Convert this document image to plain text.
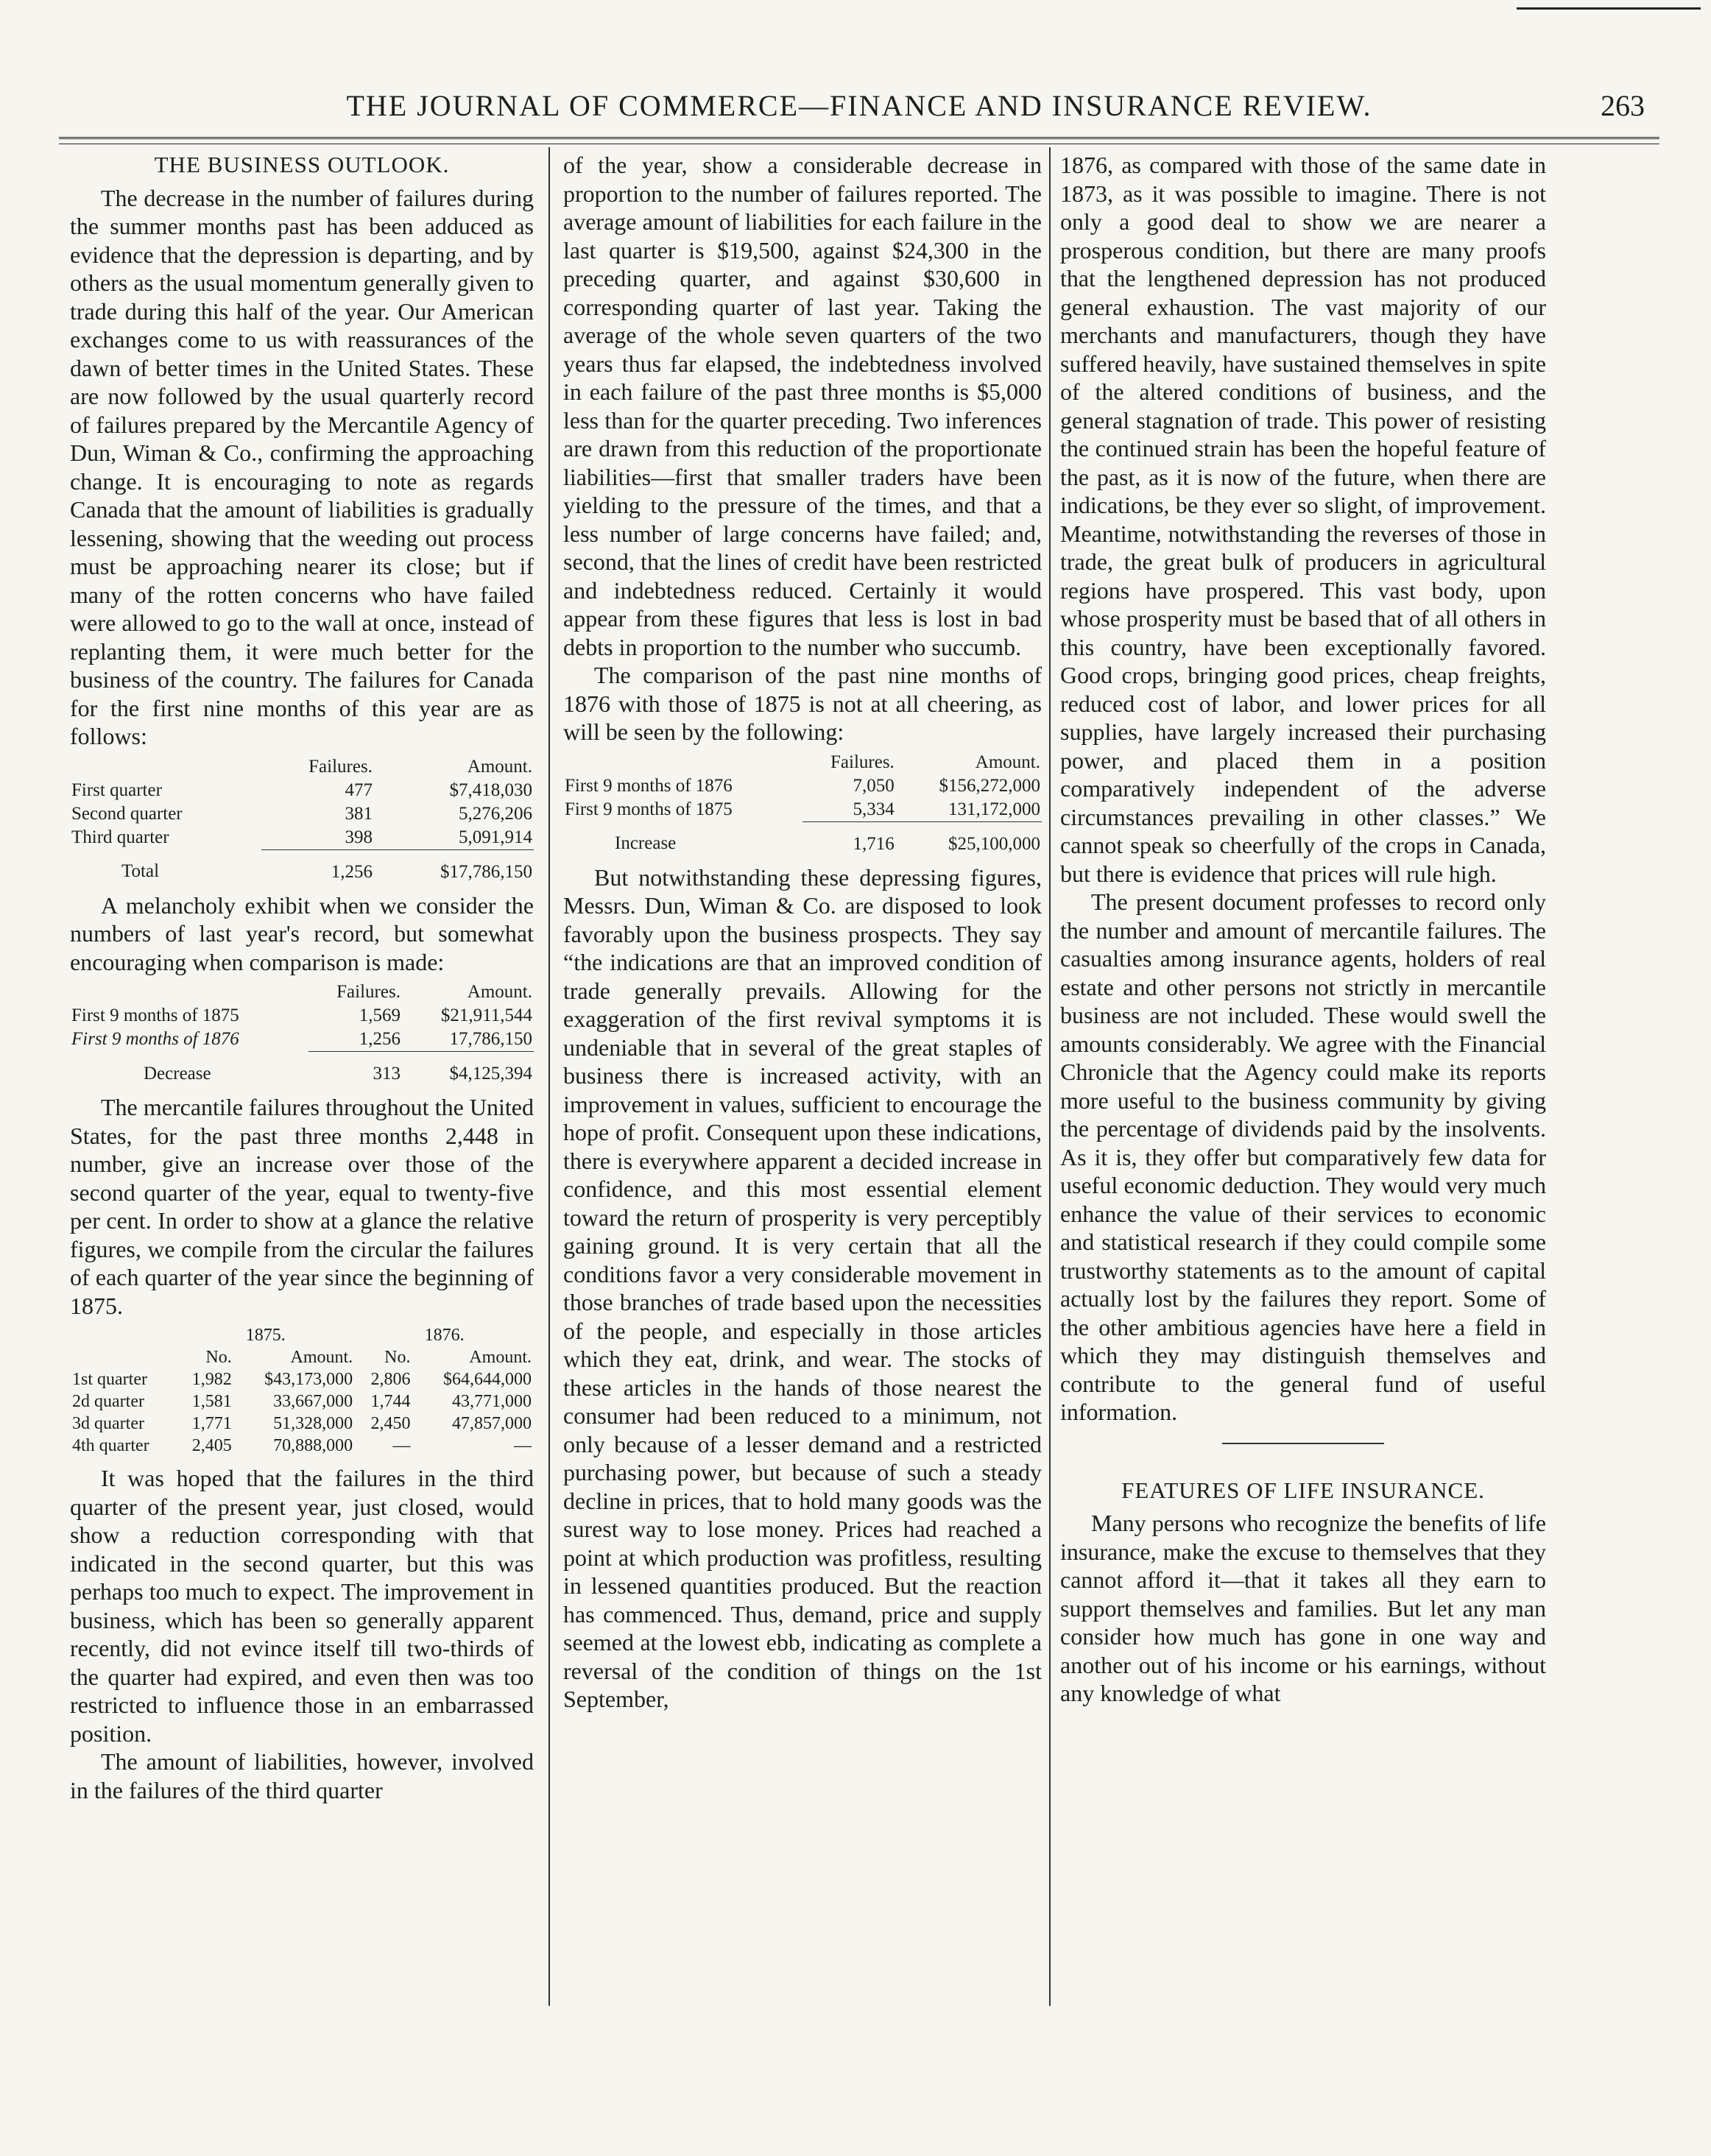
THE JOURNAL OF COMMERCE—FINANCE AND INSURANCE REVIEW.	263
THE BUSINESS OUTLOOK.

The decrease in the number of failures during the summer months past has been adduced as evidence that the depression is departing, and by others as the usual momentum generally given to trade during this half of the year. Our American exchanges come to us with reassurances of the dawn of better times in the United States. These are now followed by the usual quarterly record of failures prepared by the Mercantile Agency of Dun, Wiman & Co., confirming the approaching change. It is encouraging to note as regards Canada that the amount of liabilities is gradually lessening, showing that the weeding out process must be approaching nearer its close; but if many of the rotten concerns who have failed were allowed to go to the wall at once, instead of replanting them, it were much better for the business of the country. The failures for Canada for the first nine months of this year are as follows:

	Failures.	Amount.
First quarter	477	$7,418,030
Second quarter	381	5,276,206
Third quarter	398	5,091,914
Total	1,256	$17,786,150

A melancholy exhibit when we consider the numbers of last year's record, but somewhat encouraging when comparison is made:

	Failures.	Amount.
First 9 months of 1875	1,569	$21,911,544
First 9 months of 1876	1,256	17,786,150
Decrease	313	$4,125,394

The mercantile failures throughout the United States, for the past three months 2,448 in number, give an increase over those of the second quarter of the year, equal to twenty-five per cent. In order to show at a glance the relative figures, we compile from the circular the failures of each quarter of the year since the beginning of 1875.

	1875.		1876.	
	No.	Amount.	No.	Amount.
1st quarter	1,982	$43,173,000	2,806	$64,644,000
2d quarter	1,581	33,667,000	1,744	43,771,000
3d quarter	1,771	51,328,000	2,450	47,857,000
4th quarter	2,405	70,888,000	—	—

It was hoped that the failures in the third quarter of the present year, just closed, would show a reduction corresponding with that indicated in the second quarter, but this was perhaps too much to expect. The improvement in business, which has been so generally apparent recently, did not evince itself till two-thirds of the quarter had expired, and even then was too restricted to influence those in an embarrassed position.

The amount of liabilities, however, involved in the failures of the third quarter

of the year, show a considerable decrease in proportion to the number of failures reported. The average amount of liabilities for each failure in the last quarter is $19,500, against $24,300 in the preceding quarter, and against $30,600 in corresponding quarter of last year. Taking the average of the whole seven quarters of the two years thus far elapsed, the indebtedness involved in each failure of the past three months is $5,000 less than for the quarter preceding. Two inferences are drawn from this reduction of the proportionate liabilities—first that smaller traders have been yielding to the pressure of the times, and that a less number of large concerns have failed; and, second, that the lines of credit have been restricted and indebtedness reduced. Certainly it would appear from these figures that less is lost in bad debts in proportion to the number who succumb.

The comparison of the past nine months of 1876 with those of 1875 is not at all cheering, as will be seen by the following:

	Failures.	Amount.
First 9 months of 1876	7,050	$156,272,000
First 9 months of 1875	5,334	131,172,000
Increase	1,716	$25,100,000

But notwithstanding these depressing figures, Messrs. Dun, Wiman & Co. are disposed to look favorably upon the business prospects. They say “the indications are that an improved condition of trade generally prevails. Allowing for the exaggeration of the first revival symptoms it is undeniable that in several of the great staples of business there is increased activity, with an improvement in values, sufficient to encourage the hope of profit. Consequent upon these indications, there is everywhere apparent a decided increase in confidence, and this most essential element toward the return of prosperity is very perceptibly gaining ground. It is very certain that all the conditions favor a very considerable movement in those branches of trade based upon the necessities of the people, and especially in those articles which they eat, drink, and wear. The stocks of these articles in the hands of those nearest the consumer had been reduced to a minimum, not only because of a lesser demand and a restricted purchasing power, but because of such a steady decline in prices, that to hold many goods was the surest way to lose money. Prices had reached a point at which production was profitless, resulting in lessened quantities produced. But the reaction has commenced. Thus, demand, price and supply seemed at the lowest ebb, indicating as complete a reversal of the condition of things on the 1st September,

1876, as compared with those of the same date in 1873, as it was possible to imagine. There is not only a good deal to show we are nearer a prosperous condition, but there are many proofs that the lengthened depression has not produced general exhaustion. The vast majority of our merchants and manufacturers, though they have suffered heavily, have sustained themselves in spite of the altered conditions of business, and the general stagnation of trade. This power of resisting the continued strain has been the hopeful feature of the past, as it is now of the future, when there are indications, be they ever so slight, of improvement. Meantime, notwithstanding the reverses of those in trade, the great bulk of producers in agricultural regions have prospered. This vast body, upon whose prosperity must be based that of all others in this country, have been exceptionally favored. Good crops, bringing good prices, cheap freights, reduced cost of labor, and lower prices for all supplies, have largely increased their purchasing power, and placed them in a position comparatively independent of the adverse circumstances prevailing in other classes.” We cannot speak so cheerfully of the crops in Canada, but there is evidence that prices will rule high.

The present document professes to record only the number and amount of mercantile failures. The casualties among insurance agents, holders of real estate and other persons not strictly in mercantile business are not included. These would swell the amounts considerably. We agree with the Financial Chronicle that the Agency could make its reports more useful to the business community by giving the percentage of dividends paid by the insolvents. As it is, they offer but comparatively few data for useful economic deduction. They would very much enhance the value of their services to economic and statistical research if they could compile some trustworthy statements as to the amount of capital actually lost by the failures they report. Some of the other ambitious agencies have here a field in which they may distinguish themselves and contribute to the general fund of useful information.

FEATURES OF LIFE INSURANCE.

Many persons who recognize the benefits of life insurance, make the excuse to themselves that they cannot afford it—that it takes all they earn to support themselves and families. But let any man consider how much has gone in one way and another out of his income or his earnings, without any knowledge of what
